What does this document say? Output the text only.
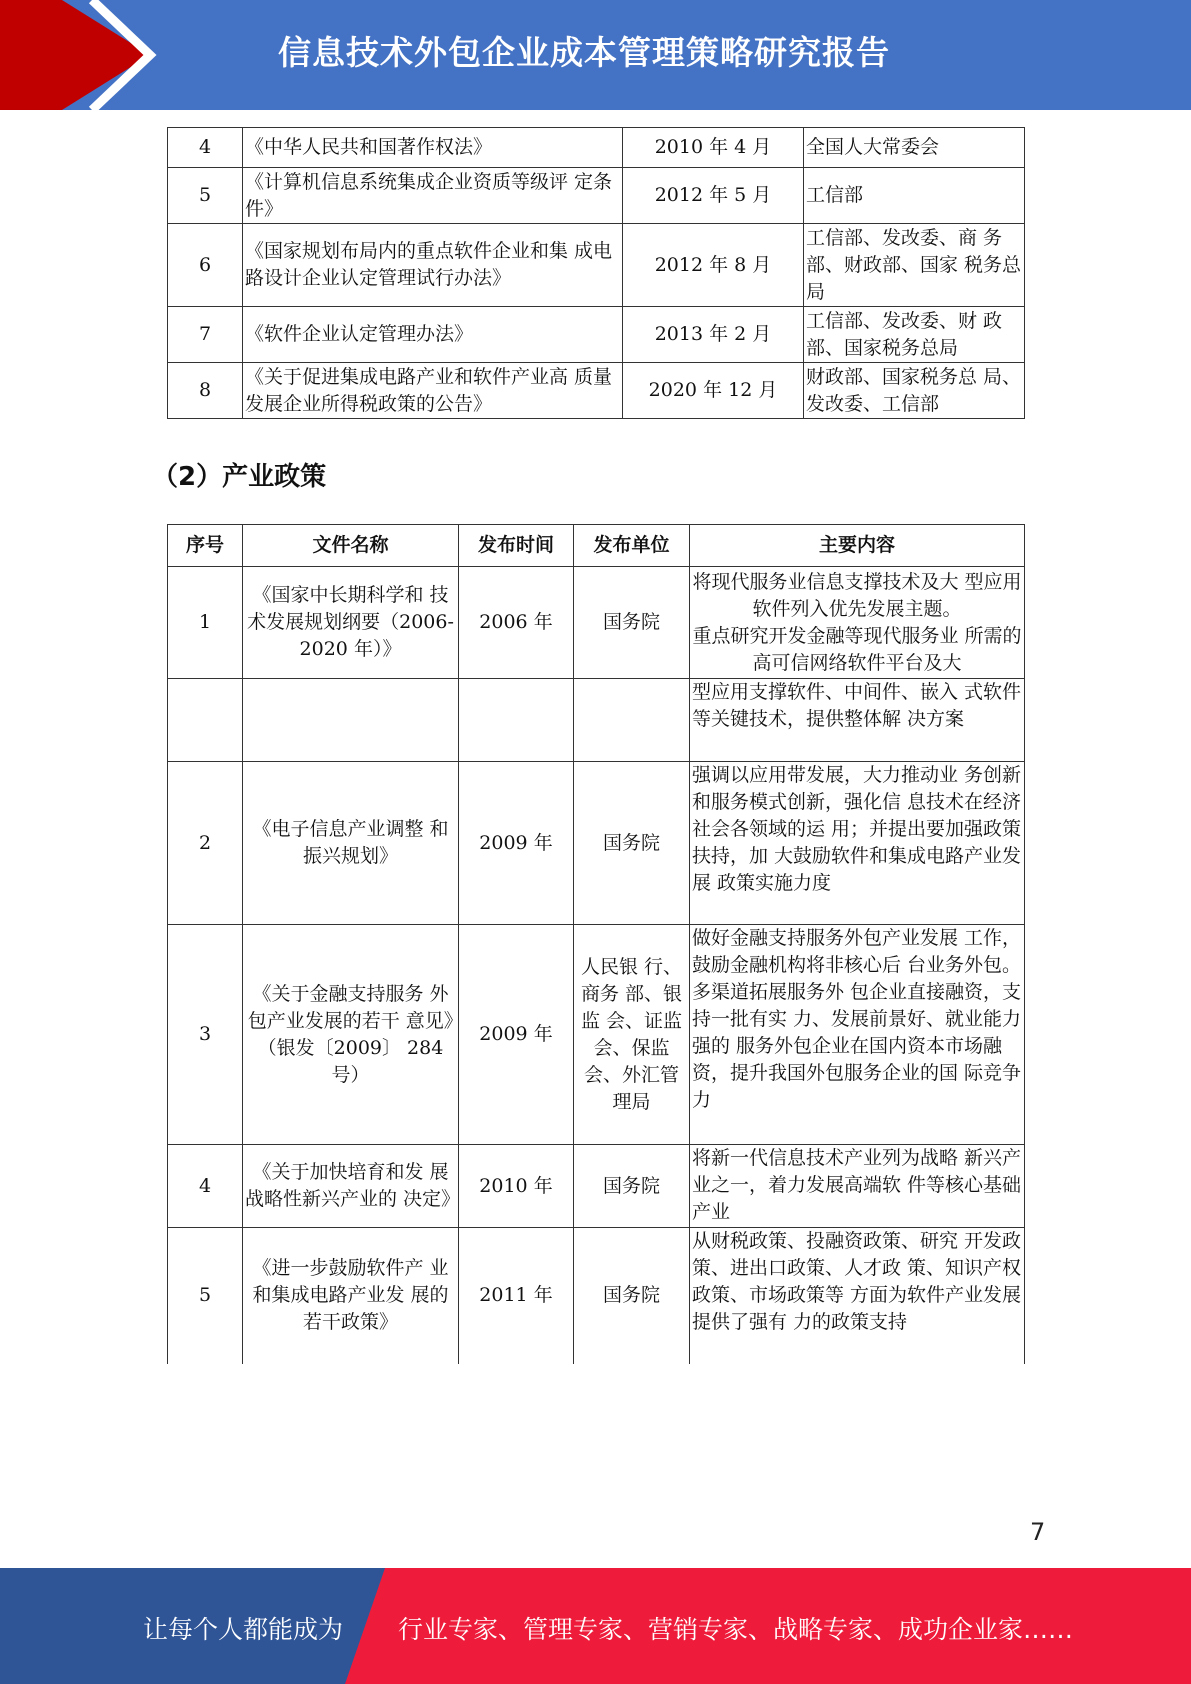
信息技术外包企业成本管理策略研究报告
4	《中华人民共和国著作权法》	2010 年 4 月	全国人大常委会
5	《计算机信息系统集成企业资质等级评 定条件》	2012 年 5 月	工信部
6	《国家规划布局内的重点软件企业和集 成电路设计企业认定管理试行办法》	2012 年 8 月	工信部、发改委、商 务部、财政部、国家 税务总局
7	《软件企业认定管理办法》	2013 年 2 月	工信部、发改委、财 政部、国家税务总局
8	《关于促进集成电路产业和软件产业高 质量发展企业所得税政策的公告》	2020 年 12 月	财政部、国家税务总 局、发改委、工信部
（2）产业政策
序号	文件名称	发布时间	发布单位	主要内容
1	《国家中长期科学和 技术发展规划纲要（2006-2020 年）》	2006 年	国务院	将现代服务业信息支撑技术及大 型应用软件列入优先发展主题。
重点研究开发金融等现代服务业 所需的高可信网络软件平台及大

				型应用支撑软件、中间件、嵌入 式软件等关键技术，提供整体解 决方案
2	《电子信息产业调整 和振兴规划》	2009 年	国务院	强调以应用带发展，大力推动业 务创新和服务模式创新，强化信 息技术在经济社会各领域的运 用；并提出要加强政策扶持，加 大鼓励软件和集成电路产业发展 政策实施力度
3	《关于金融支持服务 外包产业发展的若干 意见》（银发〔2009〕 284 号）	2009 年	人民银 行、商务 部、银监 会、证监会、保监会、外汇管理局	做好金融支持服务外包产业发展 工作，鼓励金融机构将非核心后 台业务外包。多渠道拓展服务外 包企业直接融资，支持一批有实 力、发展前景好、就业能力强的 服务外包企业在国内资本市场融 资，提升我国外包服务企业的国 际竞争力
4	《关于加快培育和发 展战略性新兴产业的 决定》	2010 年	国务院	将新一代信息技术产业列为战略 新兴产业之一，着力发展高端软 件等核心基础产业
5	《进一步鼓励软件产 业和集成电路产业发 展的若干政策》	2011 年	国务院	从财税政策、投融资政策、研究 开发政策、进出口政策、人才政 策、知识产权政策、市场政策等 方面为软件产业发展提供了强有 力的政策支持
7
让每个人都能成为 行业专家、管理专家、营销专家、战略专家、成功企业家……
